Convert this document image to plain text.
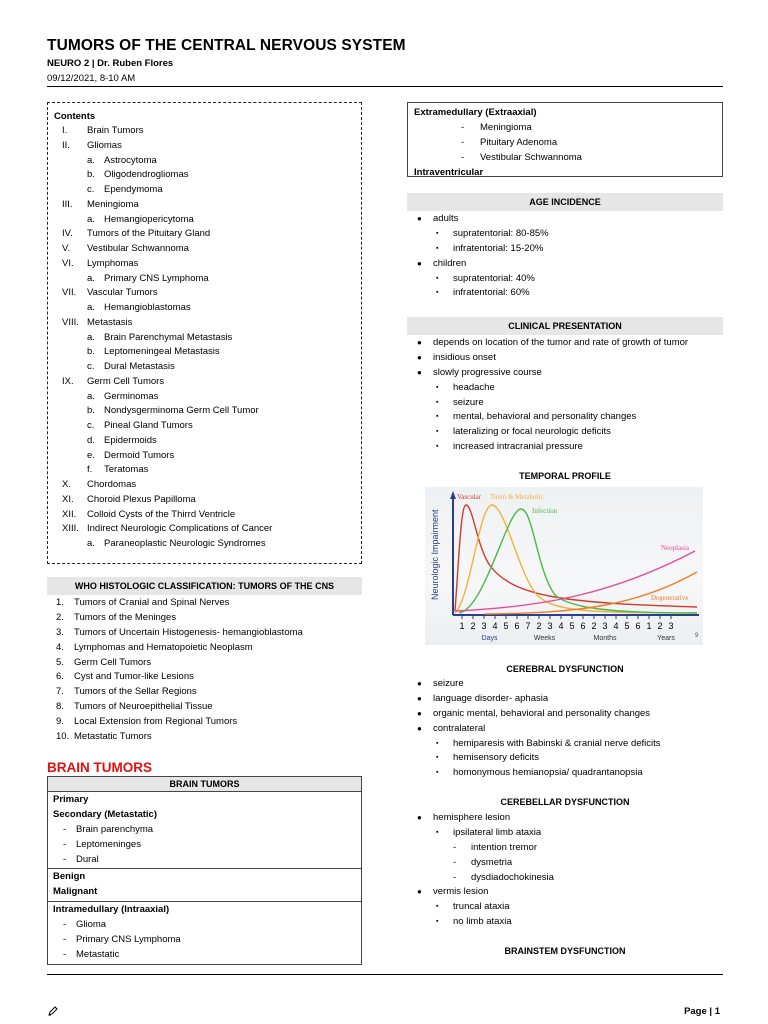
TUMORS OF THE CENTRAL NERVOUS SYSTEM
NEURO 2 | Dr. Ruben Flores
09/12/2021, 8-10 AM
Contents
I. Brain Tumors
II. Gliomas
a. Astrocytoma
b. Oligodendrogliomas
c. Ependymoma
III. Meningioma
a. Hemangiopericytoma
IV. Tumors of the Pituitary Gland
V. Vestibular Schwannoma
VI. Lymphomas
a. Primary CNS Lymphoma
VII. Vascular Tumors
a. Hemangioblastomas
VIII. Metastasis
a. Brain Parenchymal Metastasis
b. Leptomeningeal Metastasis
c. Dural Metastasis
IX. Germ Cell Tumors
a. Germinomas
b. Nondysgerminoma Germ Cell Tumor
c. Pineal Gland Tumors
d. Epidermoids
e. Dermoid Tumors
f. Teratomas
X. Chordomas
XI. Choroid Plexus Papilloma
XII. Colloid Cysts of the Thirrd Ventricle
XIII. Indirect Neurologic Complications of Cancer
a. Paraneoplastic Neurologic Syndromes
WHO HISTOLOGIC CLASSIFICATION: TUMORS OF THE CNS
1. Tumors of Cranial and Spinal Nerves
2. Tumors of the Meninges
3. Tumors of Uncertain Histogenesis- hemangioblastoma
4. Lymphomas and Hematopoietic Neoplasm
5. Germ Cell Tumors
6. Cyst and Tumor-like Lesions
7. Tumors of the Sellar Regions
8. Tumors of Neuroepithelial Tissue
9. Local Extension from Regional Tumors
10. Metastatic Tumors
BRAIN TUMORS
BRAIN TUMORS
Primary
Secondary (Metastatic)
- Brain parenchyma
- Leptomeninges
- Dural
Benign
Malignant
Intramedullary (Intraaxial)
- Glioma
- Primary CNS Lymphoma
- Metastatic
Extramedullary (Extraaxial)
- Meningioma
- Pituitary Adenoma
- Vestibular Schwannoma
Intraventricular
AGE INCIDENCE
● adults
▪ supratentorial: 80-85%
▪ infratentorial: 15-20%
● children
▪ supratentorial: 40%
▪ infratentorial: 60%
CLINICAL PRESENTATION
● depends on location of the tumor and rate of growth of tumor
● insidious onset
● slowly progressive course
▪ headache
▪ seizure
▪ mental, behavioral and personality changes
▪ lateralizing or focal neurologic deficits
▪ increased intracranial pressure
TEMPORAL PROFILE
Neurologic Impairment
Vascular Toxin & Metabolic
Infection
Neoplasia
Degenerative
1 2 3 4 5 6
Days
7 2 3 4
Weeks
5 6 2 3 4 5 6
Months
1 2 3
Years	9
CEREBRAL DYSFUNCTION
● seizure
● language disorder- aphasia
● organic mental, behavioral and personality changes
● contralateral
▪ hemiparesis with Babinski & cranial nerve deficits
▪ hemisensory deficits
▪ homonymous hemianopsia/ quadrantanopsia
CEREBELLAR DYSFUNCTION
● hemisphere lesion
▪ ipsilateral limb ataxia
- intention tremor
- dysmetria
- dysdiadochokinesia
● vermis lesion
▪ truncal ataxia
▪ no limb ataxia
BRAINSTEM DYSFUNCTION
Page | 1
